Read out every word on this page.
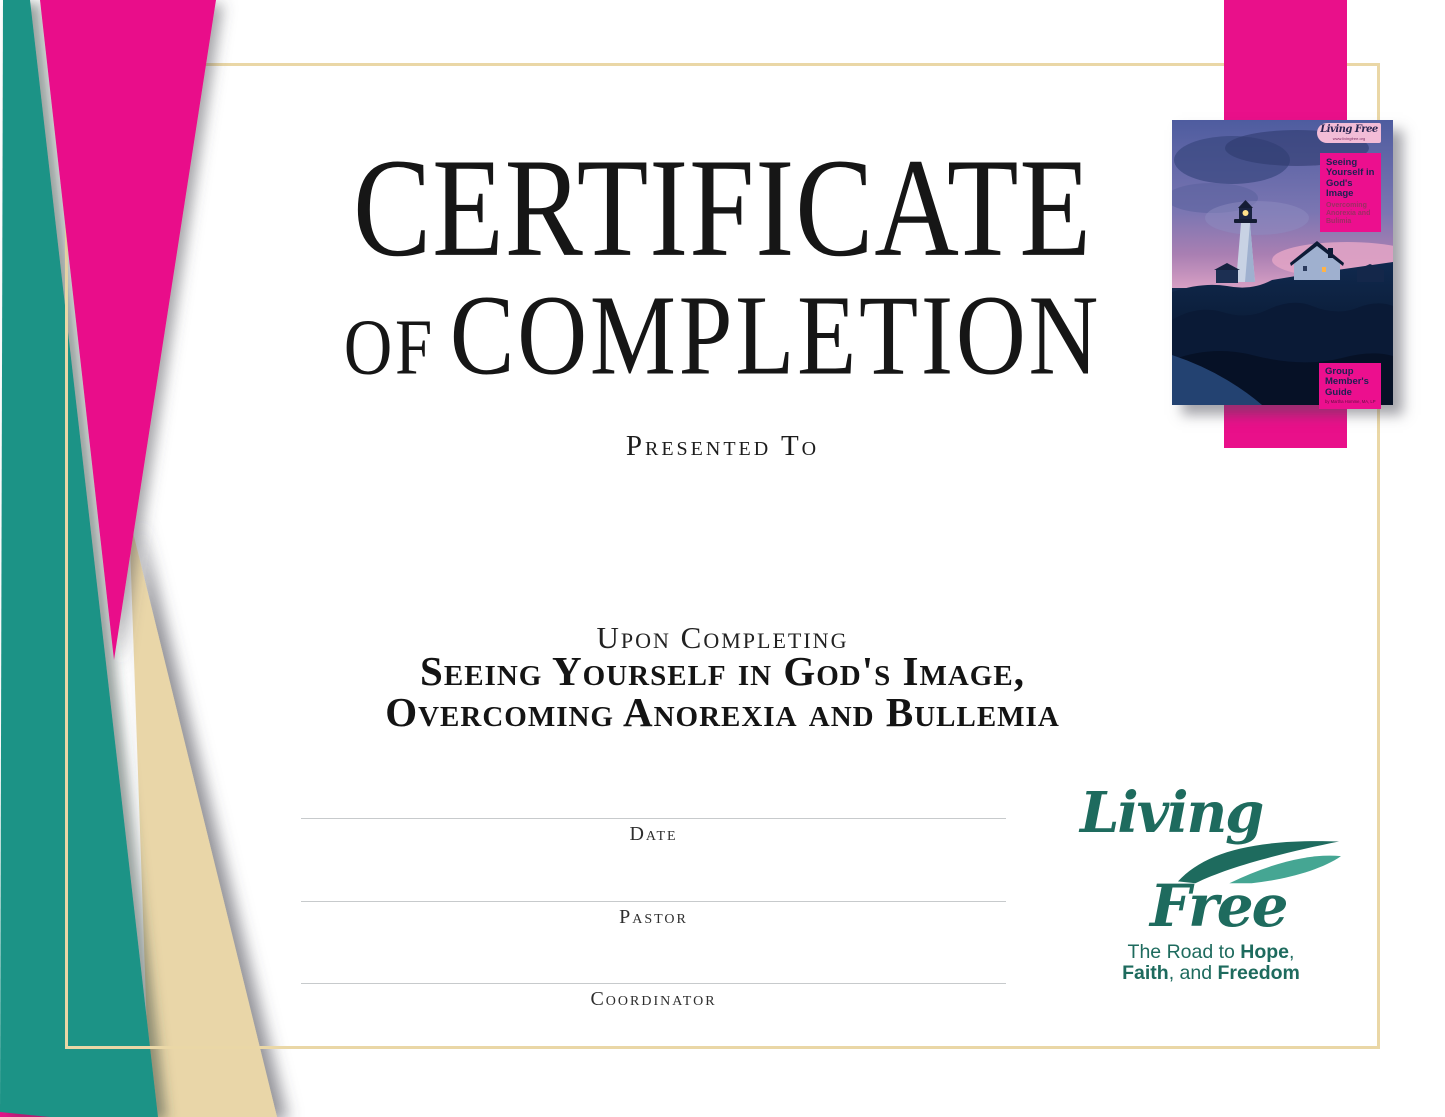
CERTIFICATE
OF COMPLETION
Presented To
Upon Completing
Seeing Yourself in God's Image,
Overcoming Anorexia and Bullemia
Date
Pastor
Coordinator
Living
Free
The Road to Hope,
Faith, and Freedom
Living Free
www.livingfree.org
Seeing Yourself in God's Image
Overcoming Anorexia and Bulimia
Group Member's Guide
by Martha Homme, MA, LP
